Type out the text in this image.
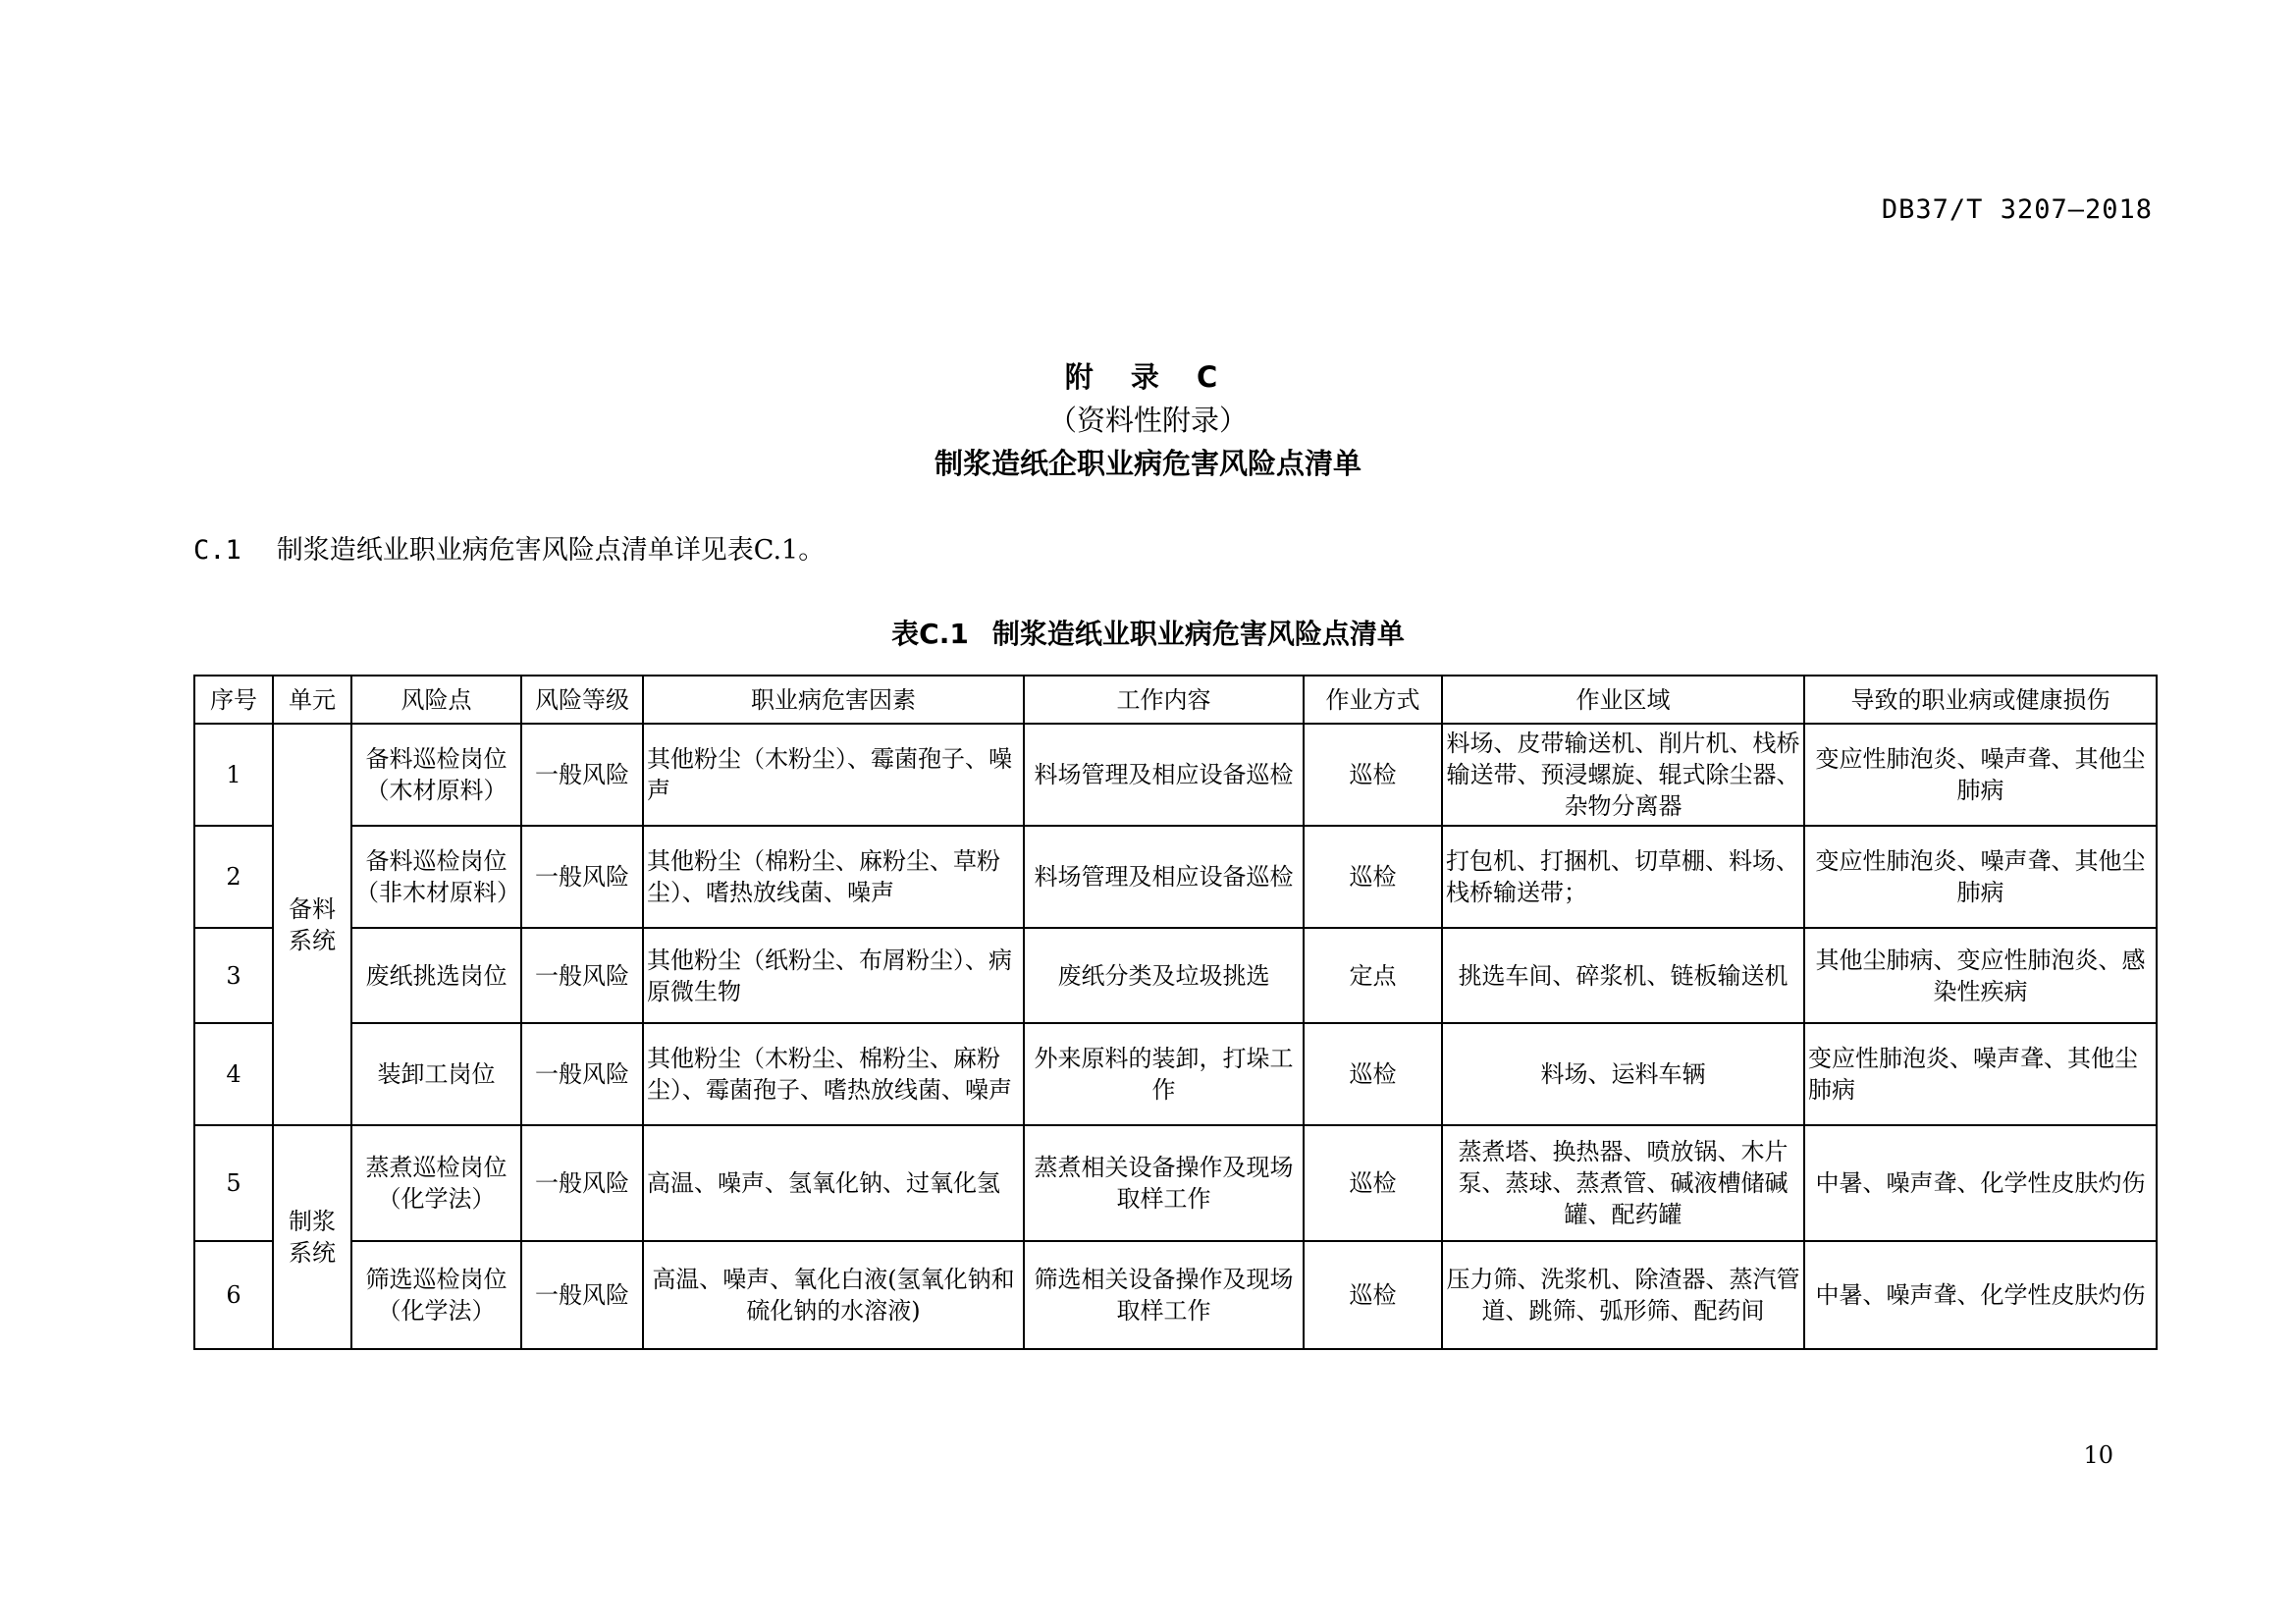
DB37/T 3207—2018
附 录 C
（资料性附录）
制浆造纸企职业病危害风险点清单
C.1 制浆造纸业职业病危害风险点清单详见表C.1。
表C.1 制浆造纸业职业病危害风险点清单
序号	单元	风险点	风险等级	职业病危害因素	工作内容	作业方式	作业区域	导致的职业病或健康损伤
1	备料系统	备料巡检岗位（木材原料）	一般风险	其他粉尘（木粉尘）、霉菌孢子、噪声	料场管理及相应设备巡检	巡检	料场、皮带输送机、削片机、栈桥输送带、预浸螺旋、辊式除尘器、杂物分离器	变应性肺泡炎、噪声聋、其他尘肺病
2		备料巡检岗位（非木材原料）	一般风险	其他粉尘（棉粉尘、麻粉尘、草粉尘）、嗜热放线菌、噪声	料场管理及相应设备巡检	巡检	打包机、打捆机、切草棚、料场、栈桥输送带；	变应性肺泡炎、噪声聋、其他尘肺病
3		废纸挑选岗位	一般风险	其他粉尘（纸粉尘、布屑粉尘）、病原微生物	废纸分类及垃圾挑选	定点	挑选车间、碎浆机、链板输送机	其他尘肺病、变应性肺泡炎、感染性疾病
4		装卸工岗位	一般风险	其他粉尘（木粉尘、棉粉尘、麻粉尘）、霉菌孢子、嗜热放线菌、噪声	外来原料的装卸，打垛工作	巡检	料场、运料车辆	变应性肺泡炎、噪声聋、其他尘肺病
5	制浆系统	蒸煮巡检岗位（化学法）	一般风险	高温、噪声、氢氧化钠、过氧化氢	蒸煮相关设备操作及现场取样工作	巡检	蒸煮塔、换热器、喷放锅、木片泵、蒸球、蒸煮管、碱液槽储碱罐、配药罐	中暑、噪声聋、化学性皮肤灼伤
6		筛选巡检岗位（化学法）	一般风险	高温、噪声、氧化白液(氢氧化钠和硫化钠的水溶液)	筛选相关设备操作及现场取样工作	巡检	压力筛、洗浆机、除渣器、蒸汽管道、跳筛、弧形筛、配药间	中暑、噪声聋、化学性皮肤灼伤
10
